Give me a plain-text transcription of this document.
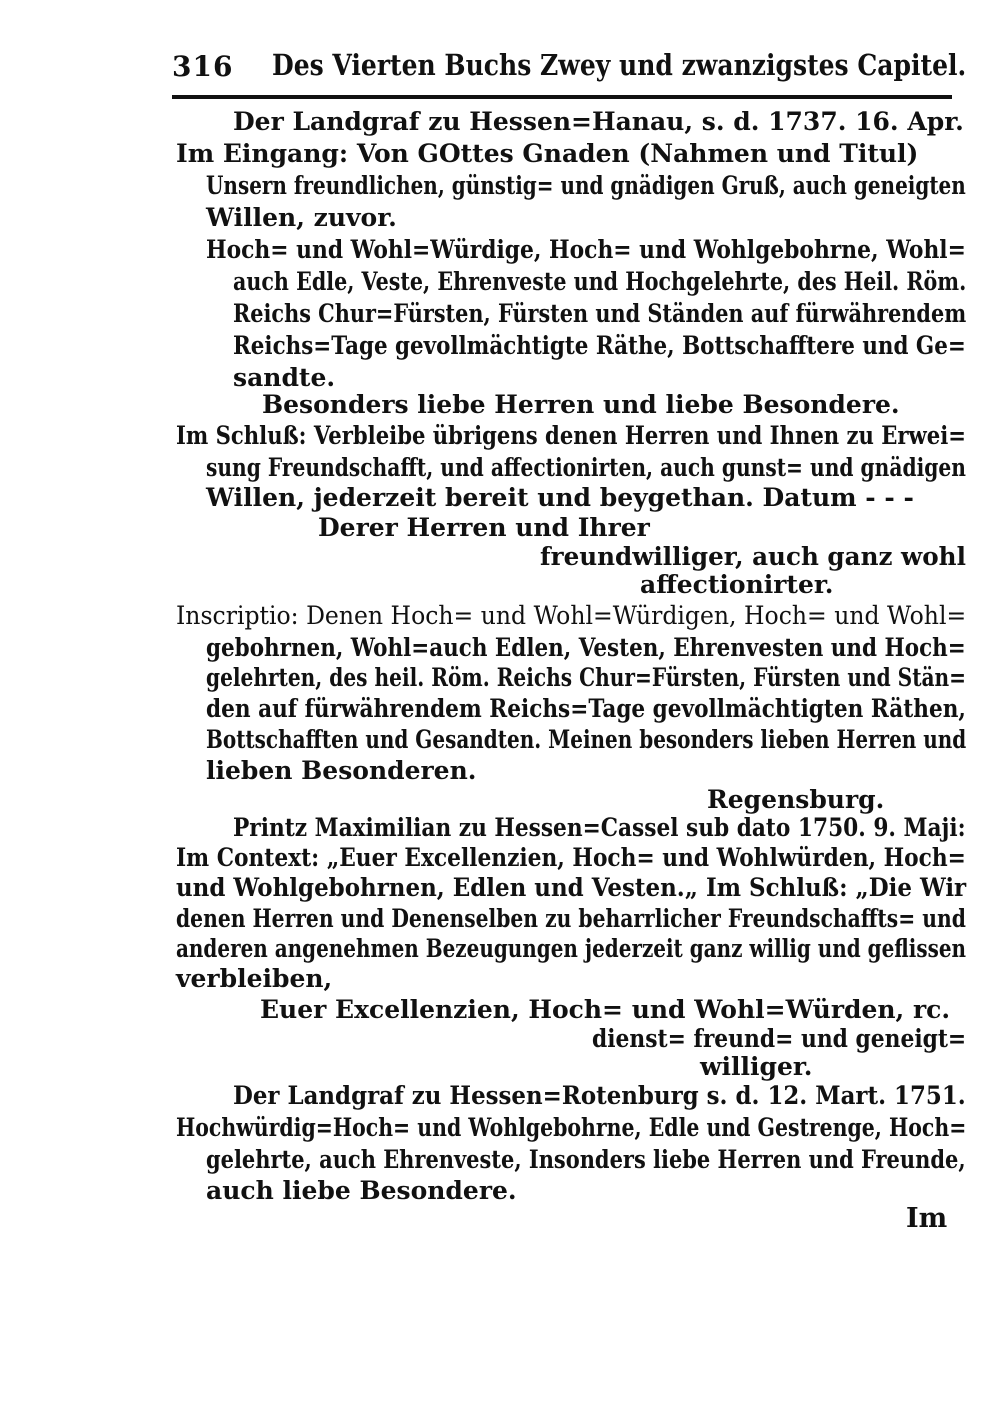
316 Des Vierten Buchs Zwey und zwanzigstes Capitel.
Der Landgraf zu Hessen=Hanau, s. d. 1737. 16. Apr.
Im Eingang: Von GOttes Gnaden (Nahmen und Titul)
Unsern freundlichen, günstig= und gnädigen Gruß, auch geneigten
Willen, zuvor.
Hoch= und Wohl=Würdige, Hoch= und Wohlgebohrne, Wohl=
auch Edle, Veste, Ehrenveste und Hochgelehrte, des Heil. Röm.
Reichs Chur=Fürsten, Fürsten und Ständen auf fürwährendem
Reichs=Tage gevollmächtigte Räthe, Bottschafftere und Ge=
sandte.
Besonders liebe Herren und liebe Besondere.
Im Schluß: Verbleibe übrigens denen Herren und Ihnen zu Erwei=
sung Freundschafft, und affectionirten, auch gunst= und gnädigen
Willen, jederzeit bereit und beygethan. Datum - - -
Derer Herren und Ihrer
freundwilliger, auch ganz wohl
affectionirter.
Inscriptio: Denen Hoch= und Wohl=Würdigen, Hoch= und Wohl=
gebohrnen, Wohl=auch Edlen, Vesten, Ehrenvesten und Hoch=
gelehrten, des heil. Röm. Reichs Chur=Fürsten, Fürsten und Stän=
den auf fürwährendem Reichs=Tage gevollmächtigten Räthen,
Bottschafften und Gesandten. Meinen besonders lieben Herren und
lieben Besonderen.
Regensburg.
Printz Maximilian zu Hessen=Cassel sub dato 1750. 9. Maji:
Im Context: „Euer Excellenzien, Hoch= und Wohlwürden, Hoch=
und Wohlgebohrnen, Edlen und Vesten.„ Im Schluß: „Die Wir
denen Herren und Denenselben zu beharrlicher Freundschaffts= und
anderen angenehmen Bezeugungen jederzeit ganz willig und geflissen
verbleiben,
Euer Excellenzien, Hoch= und Wohl=Würden, rc.
dienst= freund= und geneigt=
williger.
Der Landgraf zu Hessen=Rotenburg s. d. 12. Mart. 1751.
Hochwürdig=Hoch= und Wohlgebohrne, Edle und Gestrenge, Hoch=
gelehrte, auch Ehrenveste, Insonders liebe Herren und Freunde,
auch liebe Besondere.
Im
